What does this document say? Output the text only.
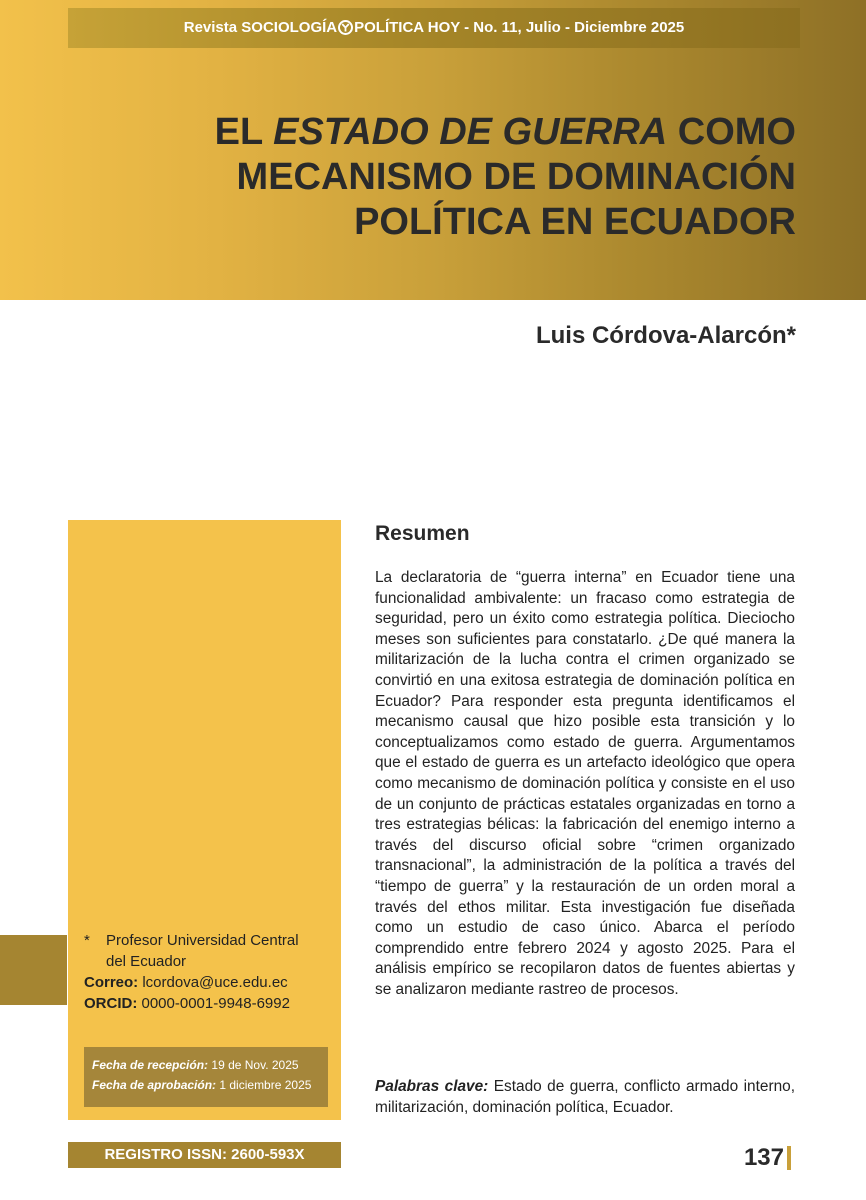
Revista SOCIOLOGÍA POLÍTICA HOY - No. 11, Julio - Diciembre 2025
EL ESTADO DE GUERRA COMO
MECANISMO DE DOMINACIÓN
POLÍTICA EN ECUADOR
Luis Córdova-Alarcón*
* Profesor Universidad Central
del Ecuador
Correo: lcordova@uce.edu.ec
ORCID: 0000-0001-9948-6992
Fecha de recepción: 19 de Nov. 2025
Fecha de aprobación: 1 diciembre 2025
REGISTRO ISSN: 2600-593X	137
Resumen

La declaratoria de “guerra interna” en Ecuador tiene una funcionalidad ambivalente: un fracaso como estrategia de seguridad, pero un éxito como estrategia política. Dieciocho meses son suficientes para constatarlo. ¿De qué manera la militarización de la lucha contra el crimen organizado se convirtió en una exitosa estrategia de dominación política en Ecuador? Para responder esta pregunta identificamos el mecanismo causal que hizo posible esta transición y lo conceptualizamos como estado de guerra. Argumentamos que el estado de guerra es un artefacto ideológico que opera como mecanismo de dominación política y consiste en el uso de un conjunto de prácticas estatales organizadas en torno a tres estrategias bélicas: la fabricación del enemigo interno a través del discurso oficial sobre “crimen organizado transnacional”, la administración de la política a través del “tiempo de guerra” y la restauración de un orden moral a través del ethos militar. Esta investigación fue diseñada como un estudio de caso único. Abarca el período comprendido entre febrero 2024 y agosto 2025. Para el análisis empírico se recopilaron datos de fuentes abiertas y se analizaron mediante rastreo de procesos.

Palabras clave: Estado de guerra, conflicto armado interno, militarización, dominación política, Ecuador.
